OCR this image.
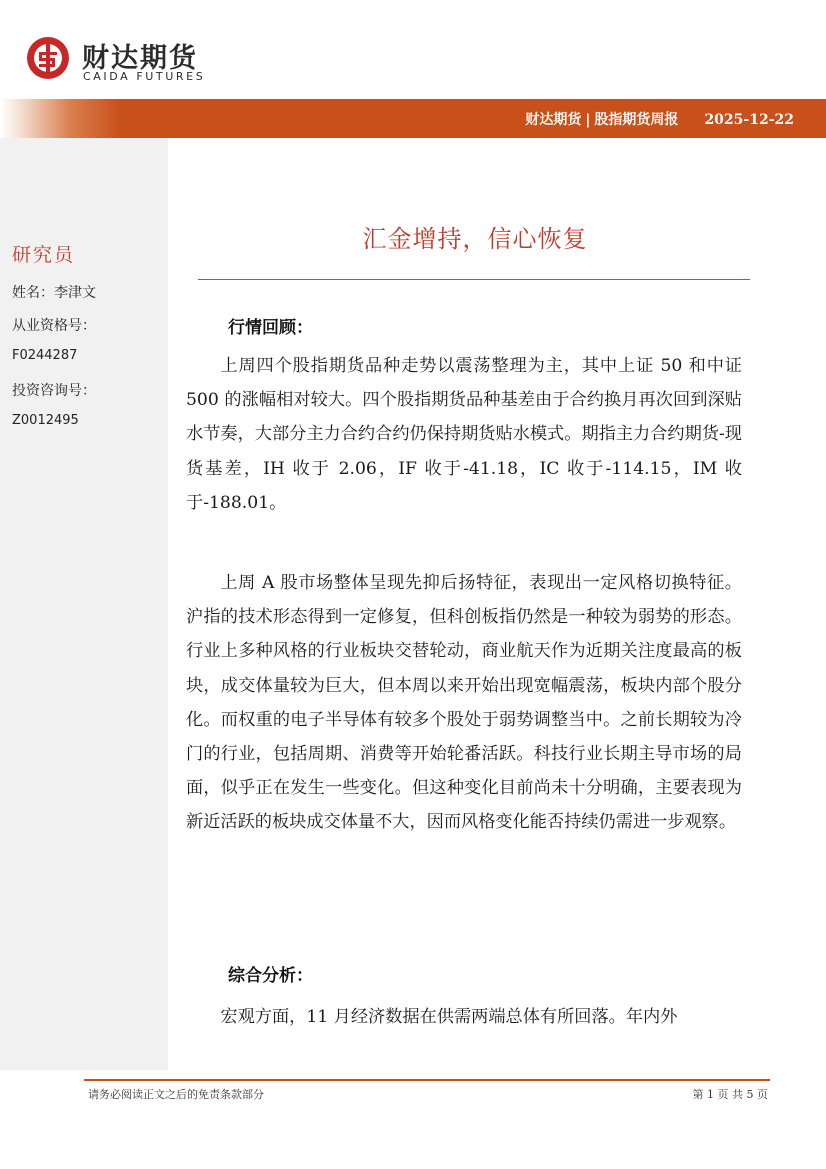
财达期货
CAIDA FUTURES
财达期货 | 股指期货周报 2025-12-22
研究员
姓名：李津文
从业资格号：
F0244287
投资咨询号：
Z0012495
汇金增持，信心恢复
行情回顾：
上周四个股指期货品种走势以震荡整理为主，其中上证 50 和中证 500 的涨幅相对较大。四个股指期货品种基差由于合约换月再次回到深贴水节奏，大部分主力合约合约仍保持期货贴水模式。期指主力合约期货-现货基差，IH 收于 2.06，IF 收于-41.18，IC 收于-114.15，IM 收于-188.01。
上周 A 股市场整体呈现先抑后扬特征，表现出一定风格切换特征。沪指的技术形态得到一定修复，但科创板指仍然是一种较为弱势的形态。行业上多种风格的行业板块交替轮动，商业航天作为近期关注度最高的板块，成交体量较为巨大，但本周以来开始出现宽幅震荡，板块内部个股分化。而权重的电子半导体有较多个股处于弱势调整当中。之前长期较为冷门的行业，包括周期、消费等开始轮番活跃。科技行业长期主导市场的局面，似乎正在发生一些变化。但这种变化目前尚未十分明确，主要表现为新近活跃的板块成交体量不大，因而风格变化能否持续仍需进一步观察。
综合分析：
宏观方面，11 月经济数据在供需两端总体有所回落。年内外
请务必阅读正文之后的免责条款部分	第 1 页 共 5 页
